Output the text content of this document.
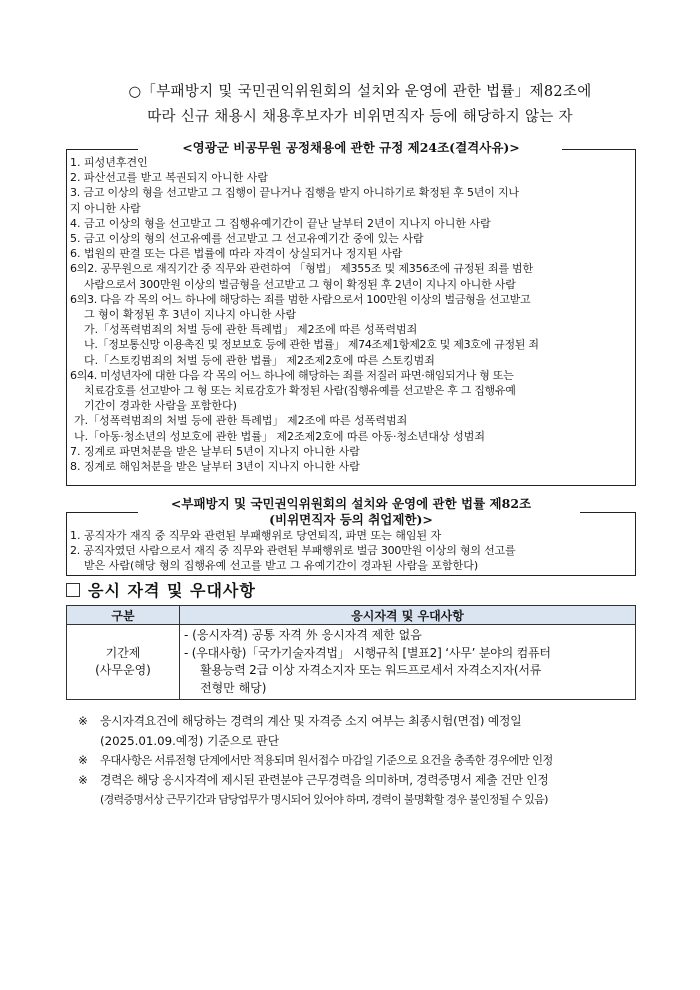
○「부패방지 및 국민권익위원회의 설치와 운영에 관한 법률」제82조에
따라 신규 채용시 채용후보자가 비위면직자 등에 해당하지 않는 자
<영광군 비공무원 공정채용에 관한 규정 제24조(결격사유)>
1. 피성년후견인
2. 파산선고를 받고 복권되지 아니한 사람
3. 금고 이상의 형을 선고받고 그 집행이 끝나거나 집행을 받지 아니하기로 확정된 후 5년이 지나
지 아니한 사람
4. 금고 이상의 형을 선고받고 그 집행유예기간이 끝난 날부터 2년이 지나지 아니한 사람
5. 금고 이상의 형의 선고유예를 선고받고 그 선고유예기간 중에 있는 사람
6. 법원의 판결 또는 다른 법률에 따라 자격이 상실되거나 정지된 사람
6의2. 공무원으로 재직기간 중 직무와 관련하여 「형법」 제355조 및 제356조에 규정된 죄를 범한
사람으로서 300만원 이상의 벌금형을 선고받고 그 형이 확정된 후 2년이 지나지 아니한 사람
6의3. 다음 각 목의 어느 하나에 해당하는 죄를 범한 사람으로서 100만원 이상의 벌금형을 선고받고
그 형이 확정된 후 3년이 지나지 아니한 사람
가.「성폭력범죄의 처벌 등에 관한 특례법」 제2조에 따른 성폭력범죄
나.「정보통신망 이용촉진 및 정보보호 등에 관한 법률」 제74조제1항제2호 및 제3호에 규정된 죄
다.「스토킹범죄의 처벌 등에 관한 법률」 제2조제2호에 따른 스토킹범죄
6의4. 미성년자에 대한 다음 각 목의 어느 하나에 해당하는 죄를 저질러 파면·해임되거나 형 또는
치료감호를 선고받아 그 형 또는 치료감호가 확정된 사람(집행유예를 선고받은 후 그 집행유예
기간이 경과한 사람을 포함한다)
가.「성폭력범죄의 처벌 등에 관한 특례법」 제2조에 따른 성폭력범죄
나.「아동·청소년의 성보호에 관한 법률」 제2조제2호에 따른 아동·청소년대상 성범죄
7. 징계로 파면처분을 받은 날부터 5년이 지나지 아니한 사람
8. 징계로 해임처분을 받은 날부터 3년이 지나지 아니한 사람
<부패방지 및 국민권익위원회의 설치와 운영에 관한 법률 제82조
(비위면직자 등의 취업제한)>
1. 공직자가 재직 중 직무와 관련된 부패행위로 당연퇴직, 파면 또는 해임된 자
2. 공직자였던 사람으로서 재직 중 직무와 관련된 부패행위로 벌금 300만원 이상의 형의 선고를
받은 사람(해당 형의 집행유예 선고를 받고 그 유예기간이 경과된 사람을 포함한다)
응시 자격 및 우대사항
구분	응시자격 및 우대사항

기간제
(사무운영)

- (응시자격) 공통 자격 外 응시자격 제한 없음
- (우대사항)「국가기술자격법」 시행규칙 [별표2] ‘사무’ 분야의 컴퓨터
활용능력 2급 이상 자격소지자 또는 워드프로세서 자격소지자(서류
전형만 해당)
※	응시자격요건에 해당하는 경력의 계산 및 자격증 소지 여부는 최종시험(면접) 예정일
(2025.01.09.예정) 기준으로 판단
※	우대사항은 서류전형 단계에서만 적용되며 원서접수 마감일 기준으로 요건을 충족한 경우에만 인정
※	경력은 해당 응시자격에 제시된 관련분야 근무경력을 의미하며, 경력증명서 제출 건만 인정
(경력증명서상 근무기간과 담당업무가 명시되어 있어야 하며, 경력이 불명확할 경우 불인정될 수 있음)
